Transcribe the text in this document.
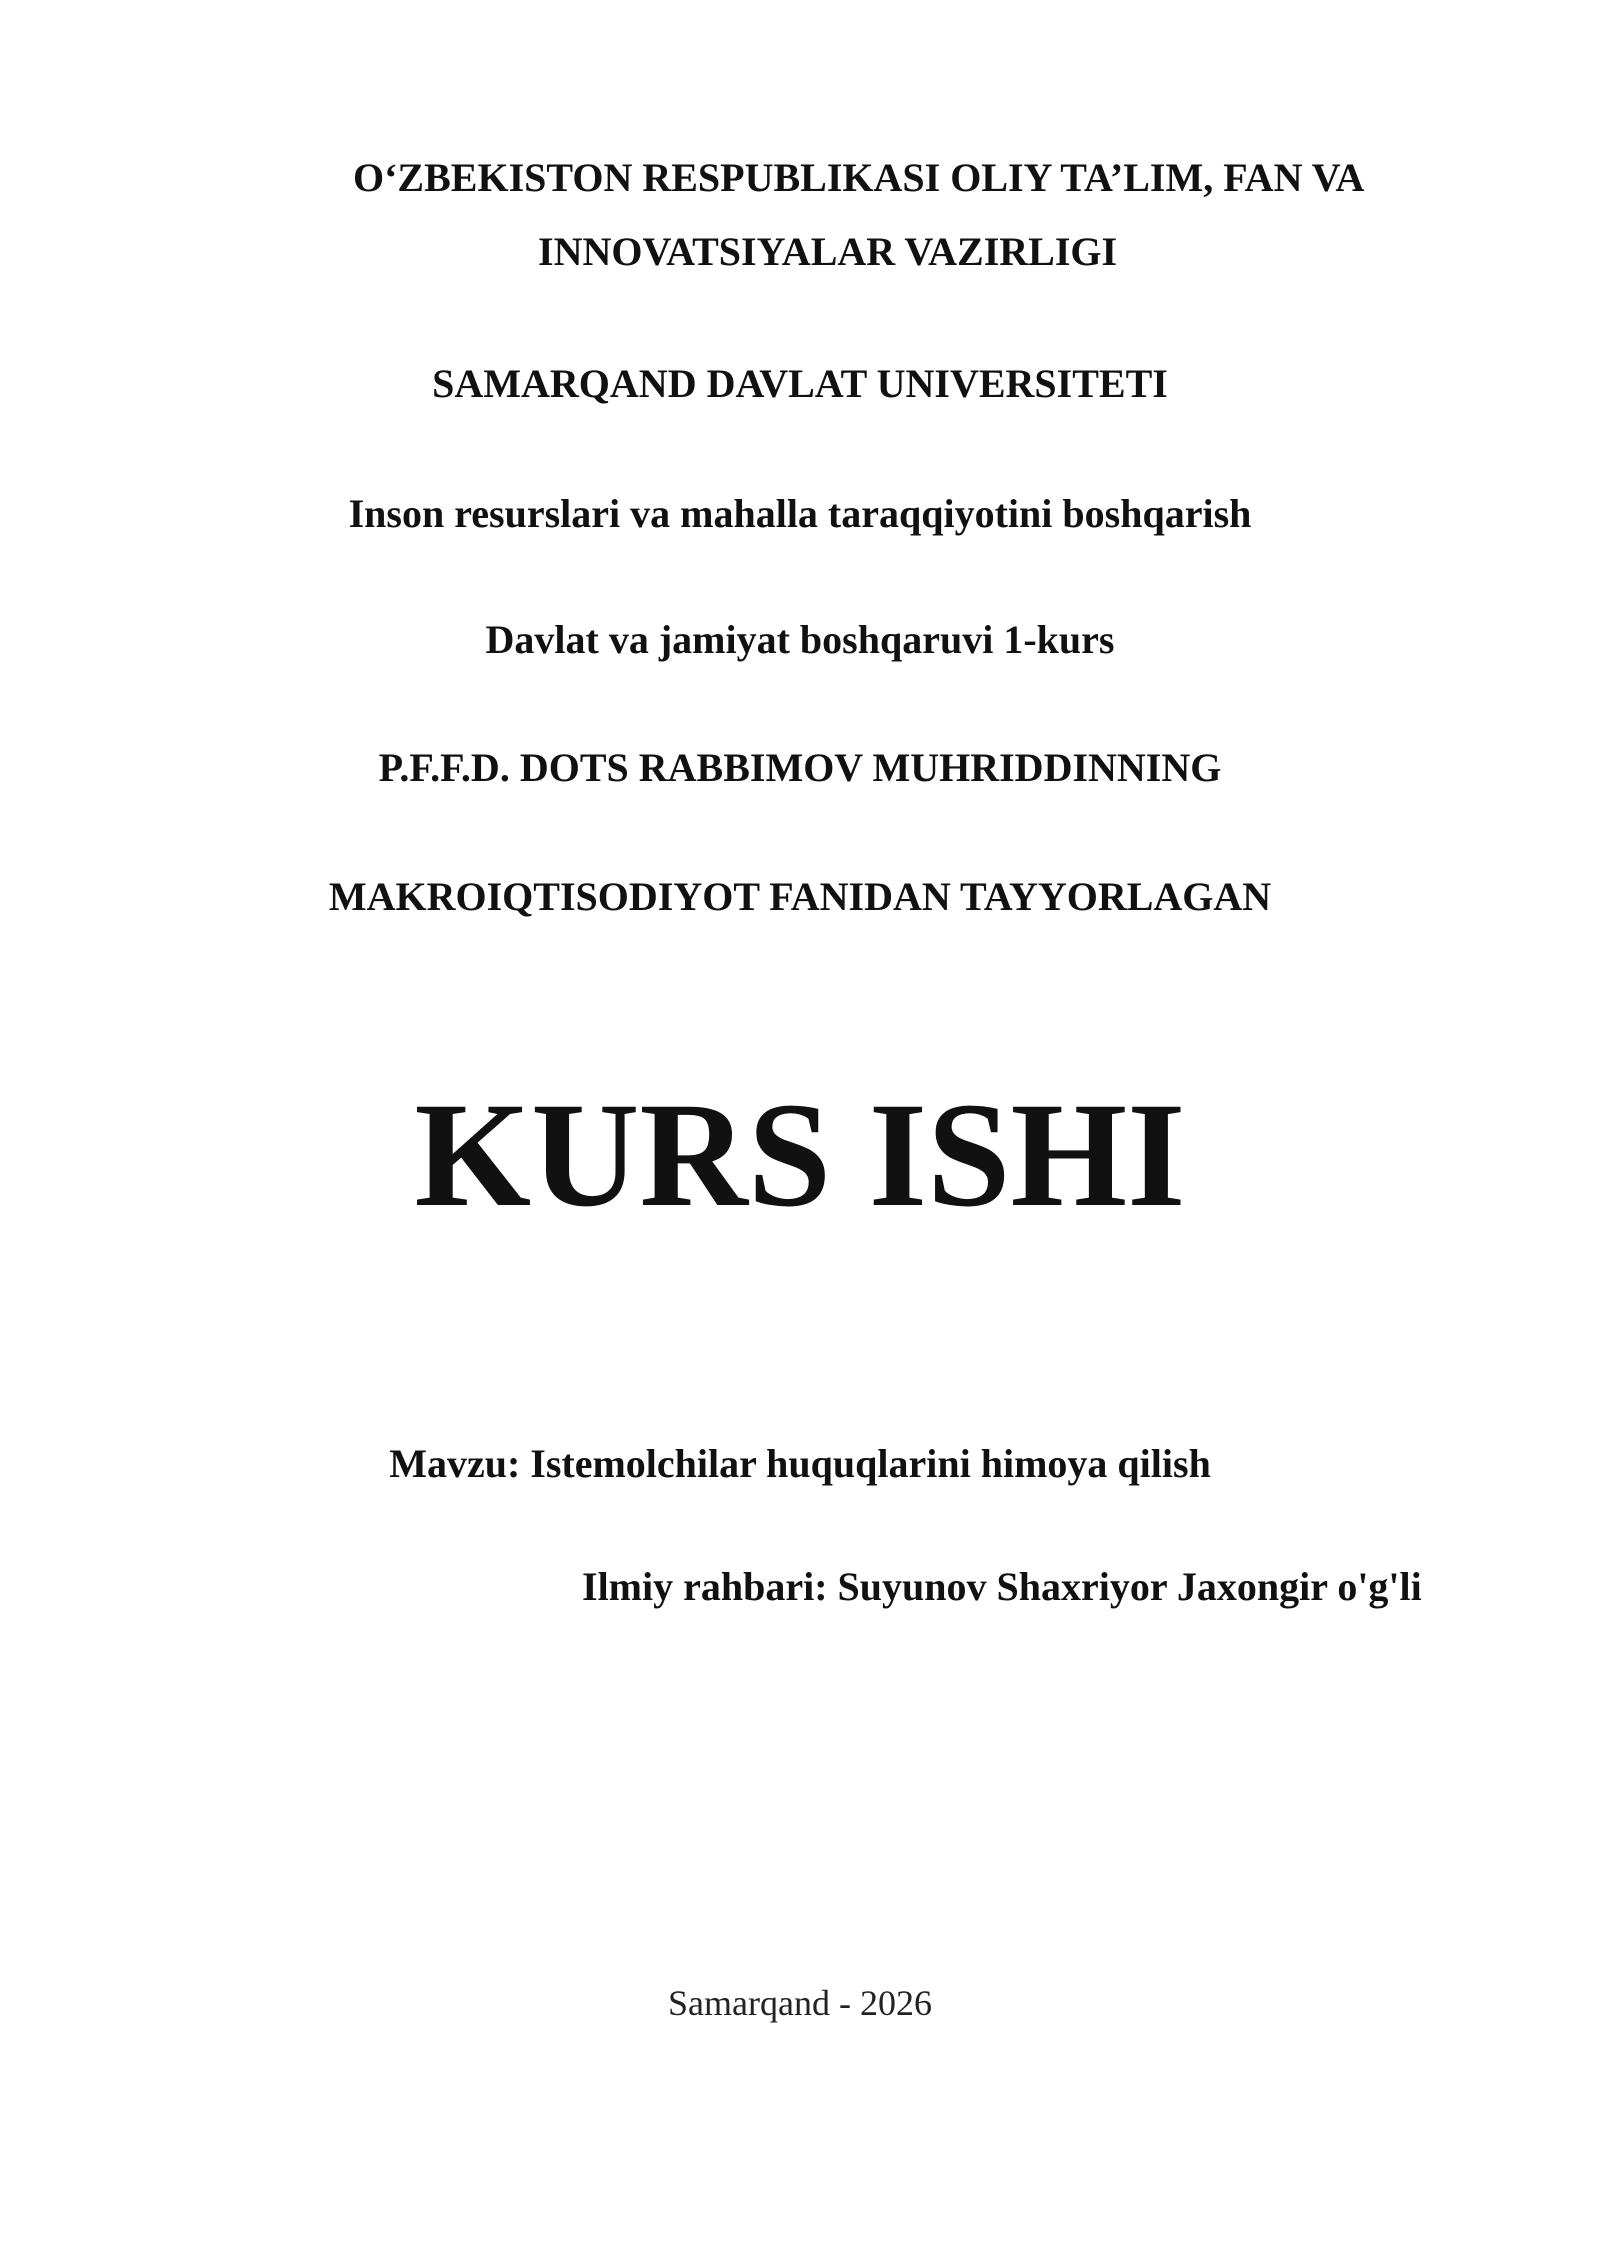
O‘ZBEKISTON RESPUBLIKASI OLIY TA’LIM, FAN VA
INNOVATSIYALAR VAZIRLIGI
SAMARQAND DAVLAT UNIVERSITETI
Inson resurslari va mahalla taraqqiyotini boshqarish
Davlat va jamiyat boshqaruvi 1-kurs
P.F.F.D. DOTS RABBIMOV MUHRIDDINNING
MAKROIQTISODIYOT FANIDAN TAYYORLAGAN
KURS ISHI
Mavzu: Istemolchilar huquqlarini himoya qilish
Ilmiy rahbari: Suyunov Shaxriyor Jaxongir o'g'li
Samarqand - 2026
